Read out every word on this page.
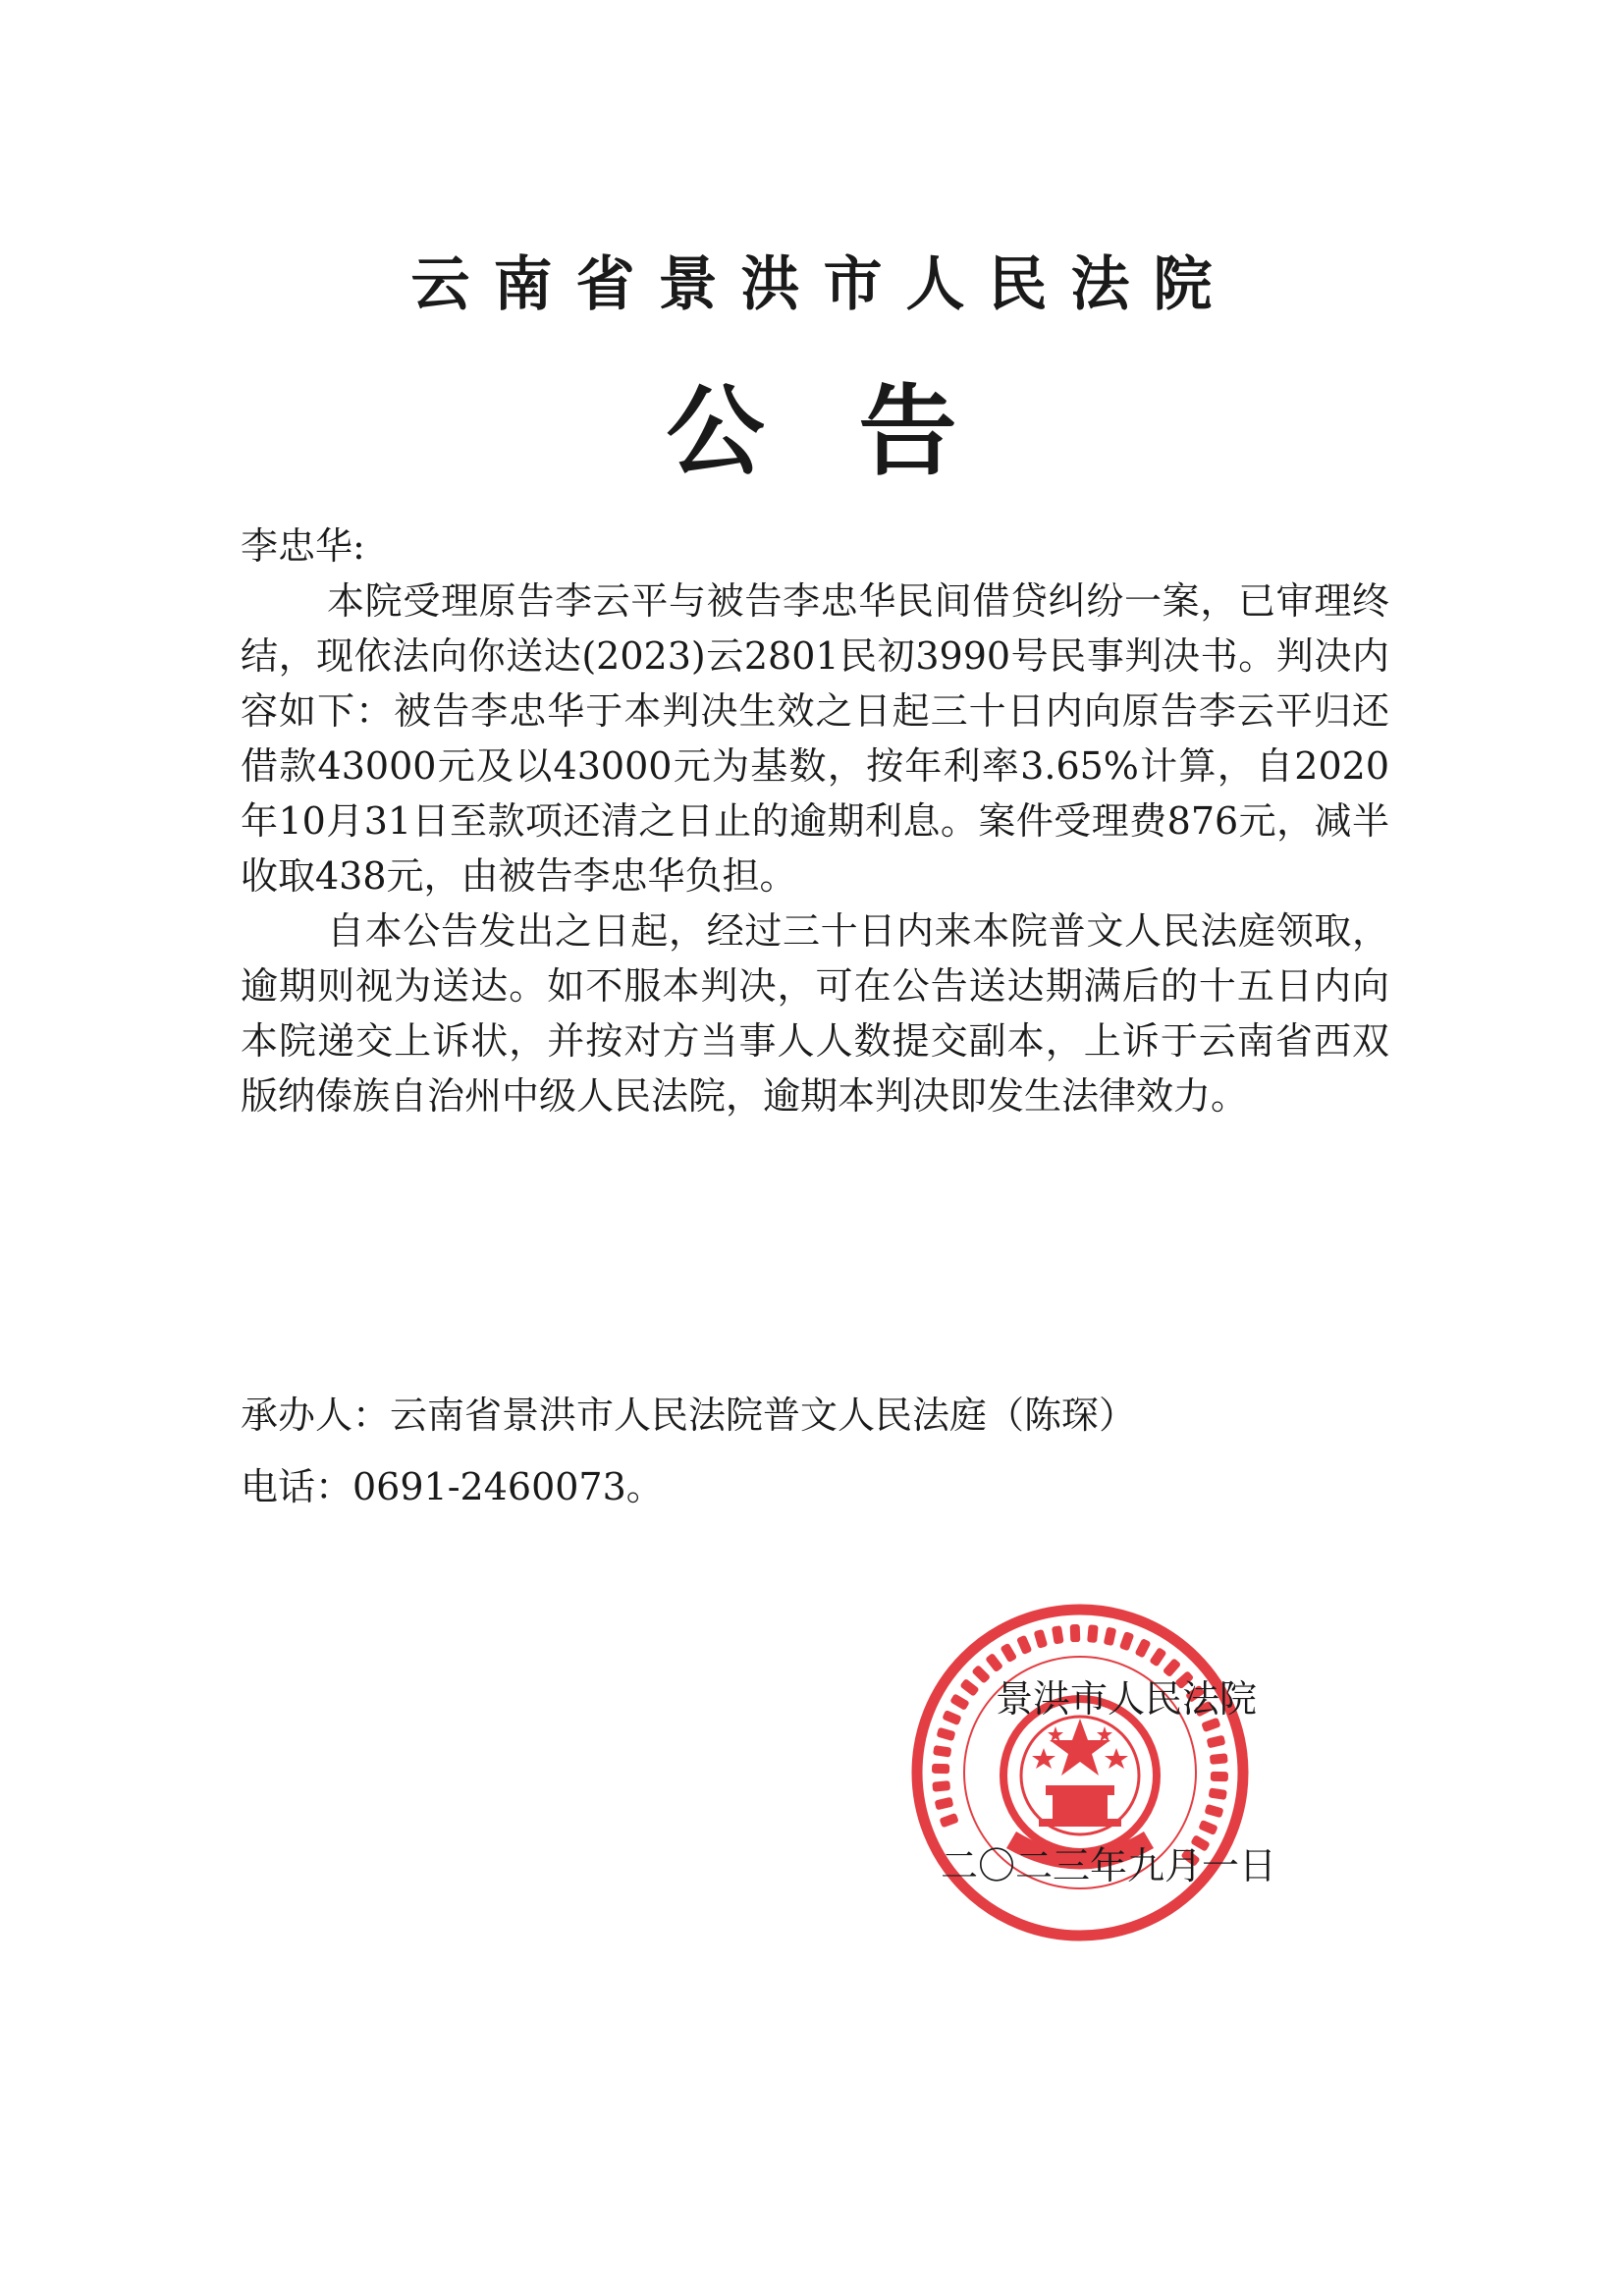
云南省景洪市人民法院
公告

李忠华:

本院受理原告李云平与被告李忠华民间借贷纠纷一案，已审理终结，现依法向你送达(2023)云2801民初3990号民事判决书。判决内容如下：被告李忠华于本判决生效之日起三十日内向原告李云平归还借款43000元及以43000元为基数，按年利率3.65%计算，自2020年10月31日至款项还清之日止的逾期利息。案件受理费876元，减半收取438元，由被告李忠华负担。

自本公告发出之日起，经过三十日内来本院普文人民法庭领取，逾期则视为送达。如不服本判决，可在公告送达期满后的十五日内向本院递交上诉状，并按对方当事人人数提交副本，上诉于云南省西双版纳傣族自治州中级人民法院，逾期本判决即发生法律效力。

承办人：云南省景洪市人民法院普文人民法庭（陈琛）
电话：0691-2460073。
景洪市人民法院
二〇二三年九月一日
